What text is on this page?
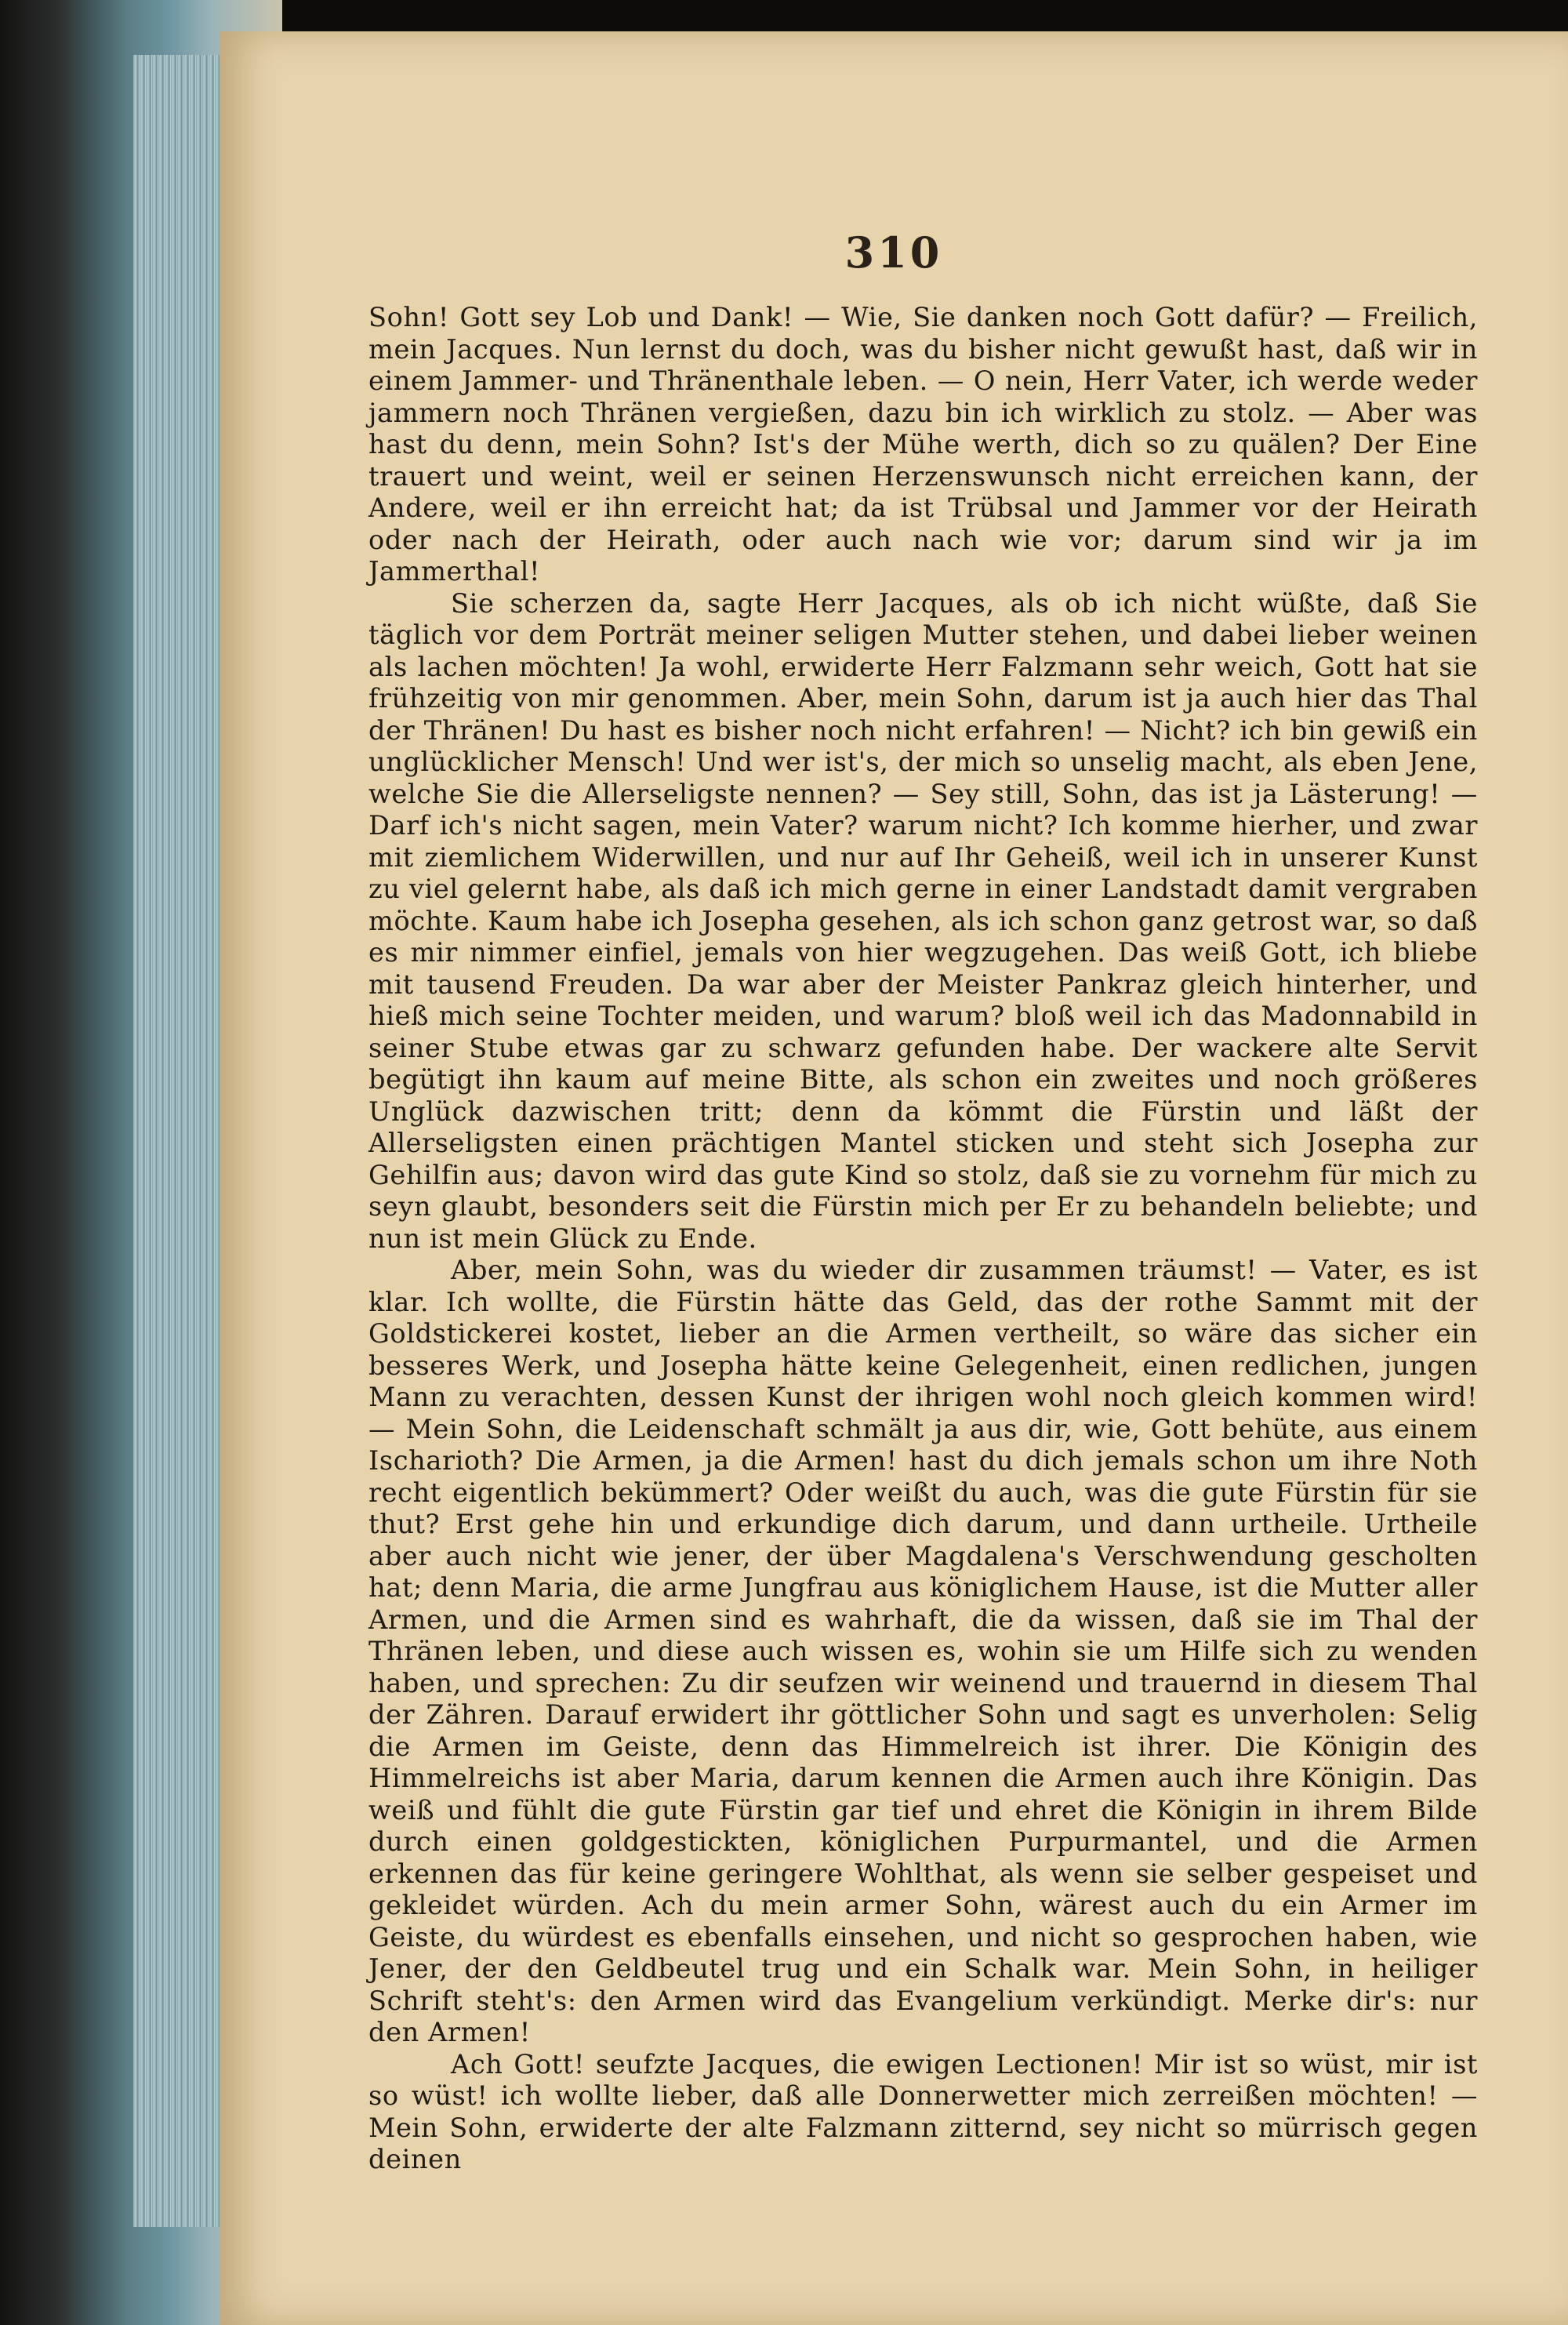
310

Sohn! Gott sey Lob und Dank! — Wie, Sie danken noch Gott dafür? — Freilich, mein Jacques. Nun lernst du doch, was du bisher nicht gewußt hast, daß wir in einem Jammer- und Thränenthale leben. — O nein, Herr Vater, ich werde weder jammern noch Thränen vergießen, dazu bin ich wirklich zu stolz. — Aber was hast du denn, mein Sohn? Ist's der Mühe werth, dich so zu quälen? Der Eine trauert und weint, weil er seinen Herzenswunsch nicht erreichen kann, der Andere, weil er ihn erreicht hat; da ist Trübsal und Jammer vor der Heirath oder nach der Heirath, oder auch nach wie vor; darum sind wir ja im Jammerthal!

Sie scherzen da, sagte Herr Jacques, als ob ich nicht wüßte, daß Sie täglich vor dem Porträt meiner seligen Mutter stehen, und dabei lieber weinen als lachen möchten! Ja wohl, erwiderte Herr Falzmann sehr weich, Gott hat sie frühzeitig von mir genommen. Aber, mein Sohn, darum ist ja auch hier das Thal der Thränen! Du hast es bisher noch nicht erfahren! — Nicht? ich bin gewiß ein unglücklicher Mensch! Und wer ist's, der mich so unselig macht, als eben Jene, welche Sie die Allerseligste nennen? — Sey still, Sohn, das ist ja Lästerung! — Darf ich's nicht sagen, mein Vater? warum nicht? Ich komme hierher, und zwar mit ziemlichem Widerwillen, und nur auf Ihr Geheiß, weil ich in unserer Kunst zu viel gelernt habe, als daß ich mich gerne in einer Landstadt damit vergraben möchte. Kaum habe ich Josepha gesehen, als ich schon ganz getrost war, so daß es mir nimmer einfiel, jemals von hier wegzugehen. Das weiß Gott, ich bliebe mit tausend Freuden. Da war aber der Meister Pankraz gleich hinterher, und hieß mich seine Tochter meiden, und warum? bloß weil ich das Madonnabild in seiner Stube etwas gar zu schwarz gefunden habe. Der wackere alte Servit begütigt ihn kaum auf meine Bitte, als schon ein zweites und noch größeres Unglück dazwischen tritt; denn da kömmt die Fürstin und läßt der Allerseligsten einen prächtigen Mantel sticken und steht sich Josepha zur Gehilfin aus; davon wird das gute Kind so stolz, daß sie zu vornehm für mich zu seyn glaubt, besonders seit die Fürstin mich per Er zu behandeln beliebte; und nun ist mein Glück zu Ende.

Aber, mein Sohn, was du wieder dir zusammen träumst! — Vater, es ist klar. Ich wollte, die Fürstin hätte das Geld, das der rothe Sammt mit der Goldstickerei kostet, lieber an die Armen vertheilt, so wäre das sicher ein besseres Werk, und Josepha hätte keine Gelegenheit, einen redlichen, jungen Mann zu verachten, dessen Kunst der ihrigen wohl noch gleich kommen wird! — Mein Sohn, die Leidenschaft schmält ja aus dir, wie, Gott behüte, aus einem Ischarioth? Die Armen, ja die Armen! hast du dich jemals schon um ihre Noth recht eigentlich bekümmert? Oder weißt du auch, was die gute Fürstin für sie thut? Erst gehe hin und erkundige dich darum, und dann urtheile. Urtheile aber auch nicht wie jener, der über Magdalena's Verschwendung gescholten hat; denn Maria, die arme Jungfrau aus königlichem Hause, ist die Mutter aller Armen, und die Armen sind es wahrhaft, die da wissen, daß sie im Thal der Thränen leben, und diese auch wissen es, wohin sie um Hilfe sich zu wenden haben, und sprechen: Zu dir seufzen wir weinend und trauernd in diesem Thal der Zähren. Darauf erwidert ihr göttlicher Sohn und sagt es unverholen: Selig die Armen im Geiste, denn das Himmelreich ist ihrer. Die Königin des Himmelreichs ist aber Maria, darum kennen die Armen auch ihre Königin. Das weiß und fühlt die gute Fürstin gar tief und ehret die Königin in ihrem Bilde durch einen goldgestickten, königlichen Purpurmantel, und die Armen erkennen das für keine geringere Wohlthat, als wenn sie selber gespeiset und gekleidet würden. Ach du mein armer Sohn, wärest auch du ein Armer im Geiste, du würdest es ebenfalls einsehen, und nicht so gesprochen haben, wie Jener, der den Geldbeutel trug und ein Schalk war. Mein Sohn, in heiliger Schrift steht's: den Armen wird das Evangelium verkündigt. Merke dir's: nur den Armen!

Ach Gott! seufzte Jacques, die ewigen Lectionen! Mir ist so wüst, mir ist so wüst! ich wollte lieber, daß alle Donnerwetter mich zerreißen möchten! — Mein Sohn, erwiderte der alte Falzmann zitternd, sey nicht so mürrisch gegen deinen
